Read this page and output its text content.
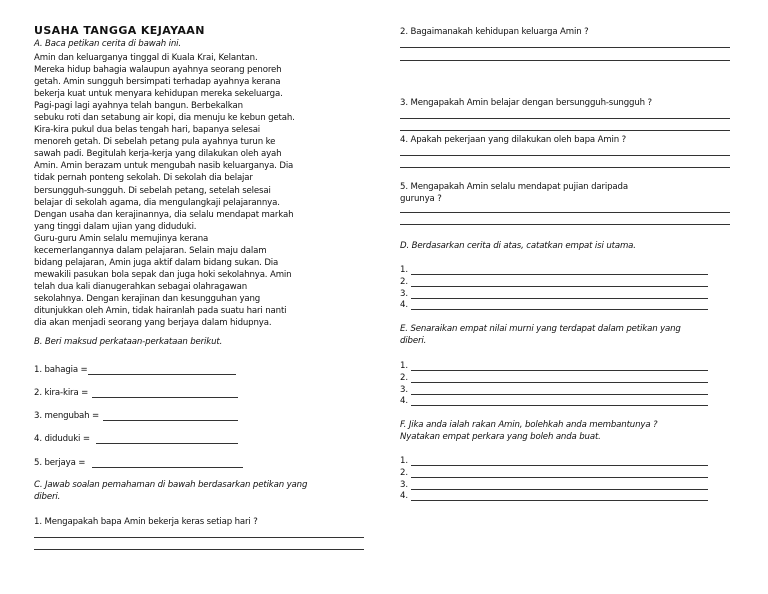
USAHA TANGGA KEJAYAAN
A. Baca petikan cerita di bawah ini.
Amin dan keluarganya tinggal di Kuala Krai, Kelantan.
Mereka hidup bahagia walaupun ayahnya seorang penoreh
getah. Amin sungguh bersimpati terhadap ayahnya kerana
bekerja kuat untuk menyara kehidupan mereka sekeluarga.
Pagi-pagi lagi ayahnya telah bangun. Berbekalkan
sebuku roti dan setabung air kopi, dia menuju ke kebun getah.
Kira-kira pukul dua belas tengah hari, bapanya selesai
menoreh getah. Di sebelah petang pula ayahnya turun ke
sawah padi. Begitulah kerja-kerja yang dilakukan oleh ayah
Amin. Amin berazam untuk mengubah nasib keluarganya. Dia
tidak pernah ponteng sekolah. Di sekolah dia belajar
bersungguh-sungguh. Di sebelah petang, setelah selesai
belajar di sekolah agama, dia mengulangkaji pelajarannya.
Dengan usaha dan kerajinannya, dia selalu mendapat markah
yang tinggi dalam ujian yang diduduki.
Guru-guru Amin selalu memujinya kerana
kecemerlangannya dalam pelajaran. Selain maju dalam
bidang pelajaran, Amin juga aktif dalam bidang sukan. Dia
mewakili pasukan bola sepak dan juga hoki sekolahnya. Amin
telah dua kali dianugerahkan sebagai olahragawan
sekolahnya. Dengan kerajinan dan kesungguhan yang
ditunjukkan oleh Amin, tidak hairanlah pada suatu hari nanti
dia akan menjadi seorang yang berjaya dalam hidupnya.
B. Beri maksud perkataan-perkataan berikut.
1. bahagia =
2. kira-kira =
3. mengubah =
4. diduduki =
5. berjaya =
C. Jawab soalan pemahaman di bawah berdasarkan petikan yang
diberi.
1. Mengapakah bapa Amin bekerja keras setiap hari ?
2. Bagaimanakah kehidupan keluarga Amin ?
3. Mengapakah Amin belajar dengan bersungguh-sungguh ?
4. Apakah pekerjaan yang dilakukan oleh bapa Amin ?
5. Mengapakah Amin selalu mendapat pujian daripada
gurunya ?
D. Berdasarkan cerita di atas, catatkan empat isi utama.
E. Senaraikan empat nilai murni yang terdapat dalam petikan yang
diberi.
F. Jika anda ialah rakan Amin, bolehkah anda membantunya ?
Nyatakan empat perkara yang boleh anda buat.
1.
2.
3.
4.
1.
2.
3.
4.
1.
2.
3.
4.
